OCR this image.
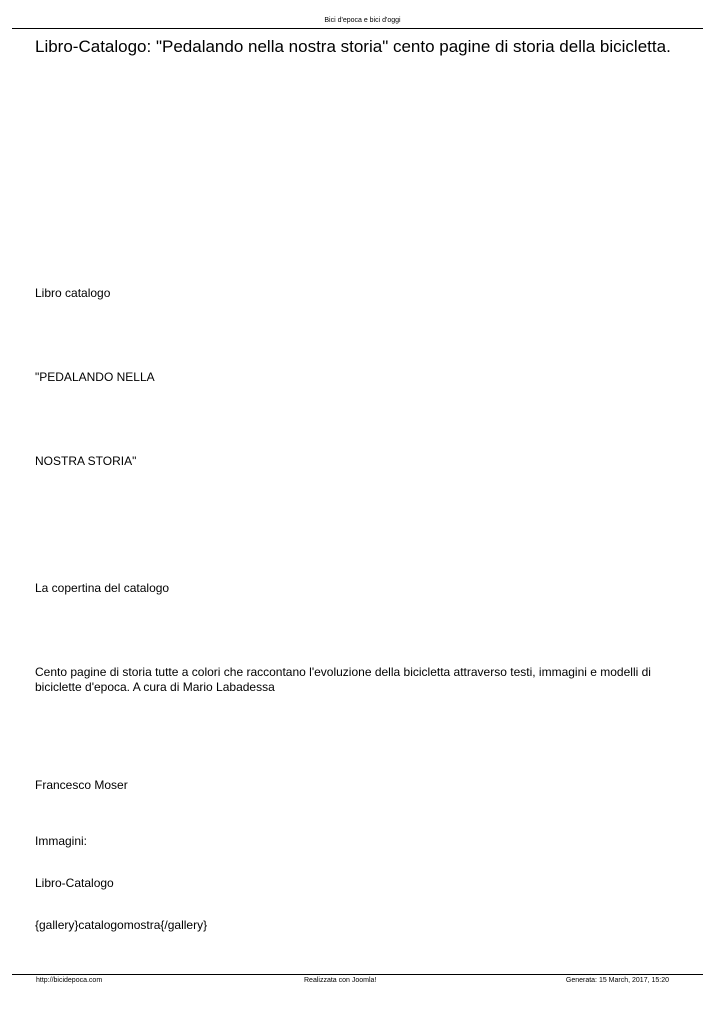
Bici d'epoca e bici d'oggi
Libro-Catalogo: "Pedalando nella nostra storia" cento pagine di storia della bicicletta.

Libro catalogo

"PEDALANDO NELLA

NOSTRA STORIA"

La copertina del catalogo

Cento pagine di storia tutte a colori che raccontano l'evoluzione della bicicletta attraverso testi, immagini e modelli di biciclette d'epoca. A cura di Mario Labadessa

Francesco Moser

Immagini:

Libro-Catalogo

{gallery}catalogomostra{/gallery}

http://bicidepoca.com	Realizzata con Joomla!	Generata: 15 March, 2017, 15:20
